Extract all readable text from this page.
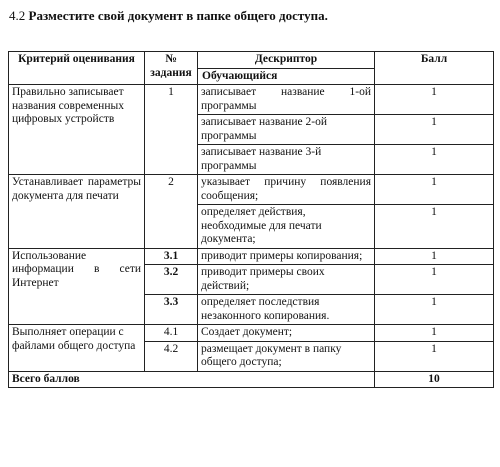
4.2 Разместите свой документ в папке общего доступа.
Критерий оценивания	№ задания	Дескриптор	Балл
		Обучающийся	
Правильно записывает названия современных цифровых устройств	1	записывает название 1-ой программы	1
		записывает название 2-ой программы	1
		записывает название 3-й программы	1
Устанавливает параметры документа для печати	2	указывает причину появления сообщения;	1
		определяет действия, необходимые для печати документа;	1
Использование информации в сети Интернет	3.1	приводит примеры копирования;	1
	3.2	приводит примеры своих действий;	1
	3.3	определяет последствия незаконного копирования.	1
Выполняет операции с файлами общего доступа	4.1	Создает документ;	1
	4.2	размещает документ в папку общего доступа;	1
Всего баллов			10
